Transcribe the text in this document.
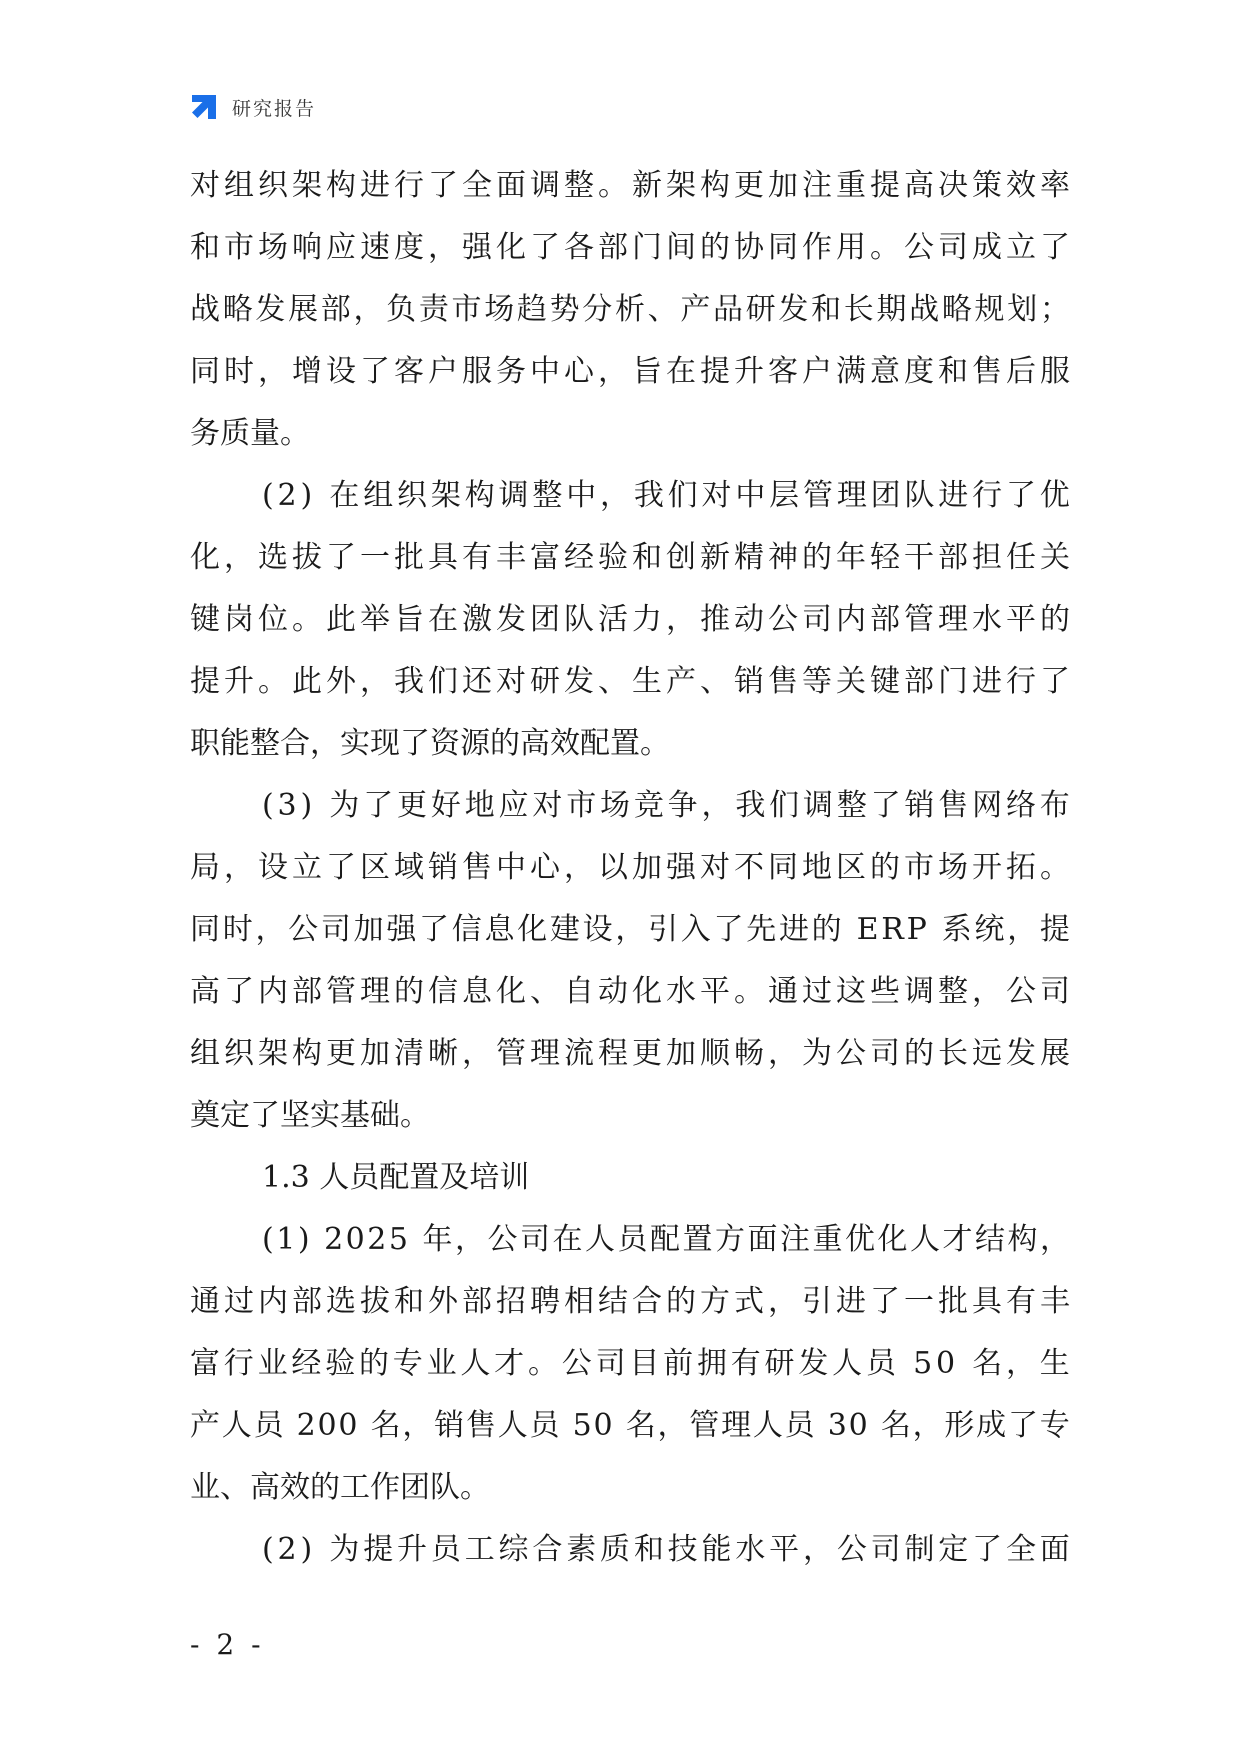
研究报告
对 组 织 架 构 进 行 了 全 面 调 整 。 新 架 构 更 加 注 重 提 高 决 策 效 率
和 市 场 响 应 速 度 ， 强 化 了 各 部 门 间 的 协 同 作 用 。 公 司 成 立 了
战 略 发 展 部 ， 负 责 市 场 趋 势 分 析 、 产 品 研 发 和 长 期 战 略 规 划 ；
同 时 ， 增 设 了 客 户 服 务 中 心 ， 旨 在 提 升 客 户 满 意 度 和 售 后 服
务质量。
( 2 )
在 组 织 架 构 调 整 中 ， 我 们 对 中 层 管 理 团 队 进 行 了 优
化 ， 选 拔 了 一 批 具 有 丰 富 经 验 和 创 新 精 神 的 年 轻 干 部 担 任 关
键 岗 位 。 此 举 旨 在 激 发 团 队 活 力 ， 推 动 公 司 内 部 管 理 水 平 的
提 升 。 此 外 ， 我 们 还 对 研 发 、 生 产 、 销 售 等 关 键 部 门 进 行 了
职能整合，实现了资源的高效配置。
( 3 )
为 了 更 好 地 应 对 市 场 竞 争 ， 我 们 调 整 了 销 售 网 络 布
局 ， 设 立 了 区 域 销 售 中 心 ， 以 加 强 对 不 同 地 区 的 市 场 开 拓 。
同 时 ， 公 司 加 强 了 信 息 化 建 设 ， 引 入 了 先 进 的
E R P
系 统 ， 提
高 了 内 部 管 理 的 信 息 化 、 自 动 化 水 平 。 通 过 这 些 调 整 ， 公 司
组 织 架 构 更 加 清 晰 ， 管 理 流 程 更 加 顺 畅 ， 为 公 司 的 长 远 发 展
奠定了坚实基础。
1.3 人员配置及培训
( 1 )
2 0 2 5
年 ， 公 司 在 人 员 配 置 方 面 注 重 优 化 人 才 结 构 ，
通 过 内 部 选 拔 和 外 部 招 聘 相 结 合 的 方 式 ， 引 进 了 一 批 具 有 丰
富 行 业 经 验 的 专 业 人 才 。 公 司 目 前 拥 有 研 发 人 员
5 0
名 ， 生
产 人 员
2 0 0
名 ， 销 售 人 员
5 0
名 ， 管 理 人 员
3 0
名 ， 形 成 了 专
业、高效的工作团队。
( 2 )
为 提 升 员 工 综 合 素 质 和 技 能 水 平 ， 公 司 制 定 了 全 面
- 2 -
